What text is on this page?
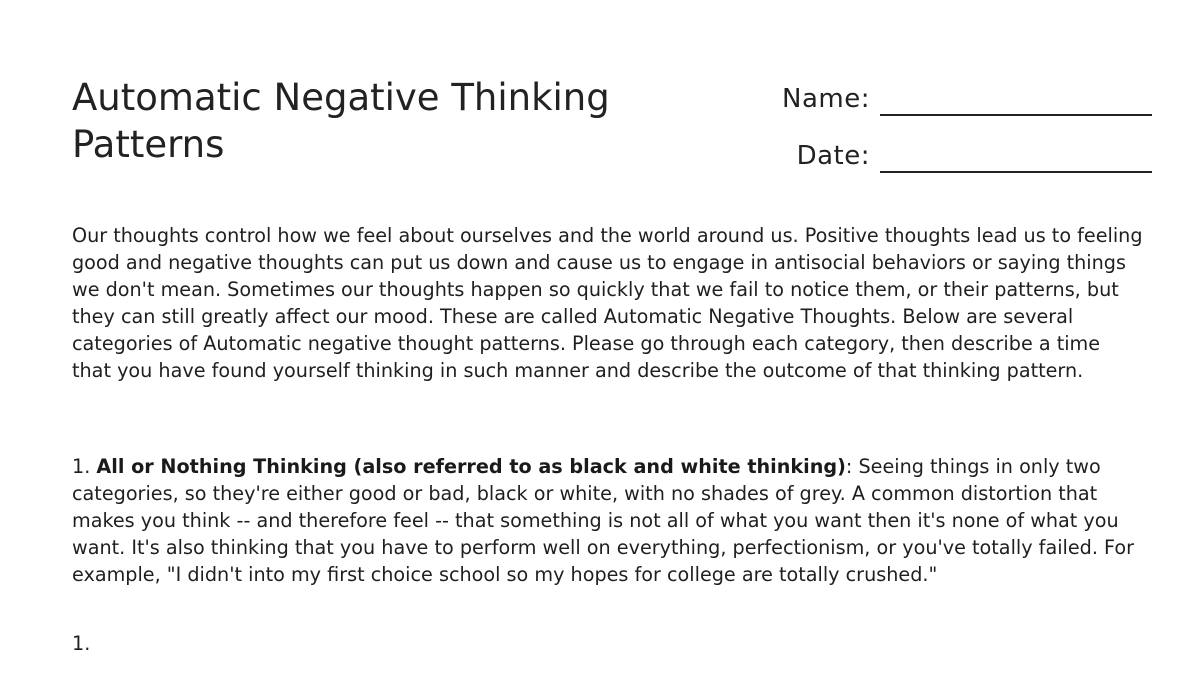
Automatic Negative Thinking Patterns
Name:
Date:

Our thoughts control how we feel about ourselves and the world around us. Positive thoughts lead us to feeling good and negative thoughts can put us down and cause us to engage in antisocial behaviors or saying things we don't mean. Sometimes our thoughts happen so quickly that we fail to notice them, or their patterns, but they can still greatly affect our mood. These are called Automatic Negative Thoughts. Below are several categories of Automatic negative thought patterns. Please go through each category, then describe a time that you have found yourself thinking in such manner and describe the outcome of that thinking pattern.

1. All or Nothing Thinking (also referred to as black and white thinking): Seeing things in only two categories, so they're either good or bad, black or white, with no shades of grey. A common distortion that makes you think -- and therefore feel -- that something is not all of what you want then it's none of what you want. It's also thinking that you have to perform well on everything, perfectionism, or you've totally failed. For example, "I didn't into my first choice school so my hopes for college are totally crushed."

1.
